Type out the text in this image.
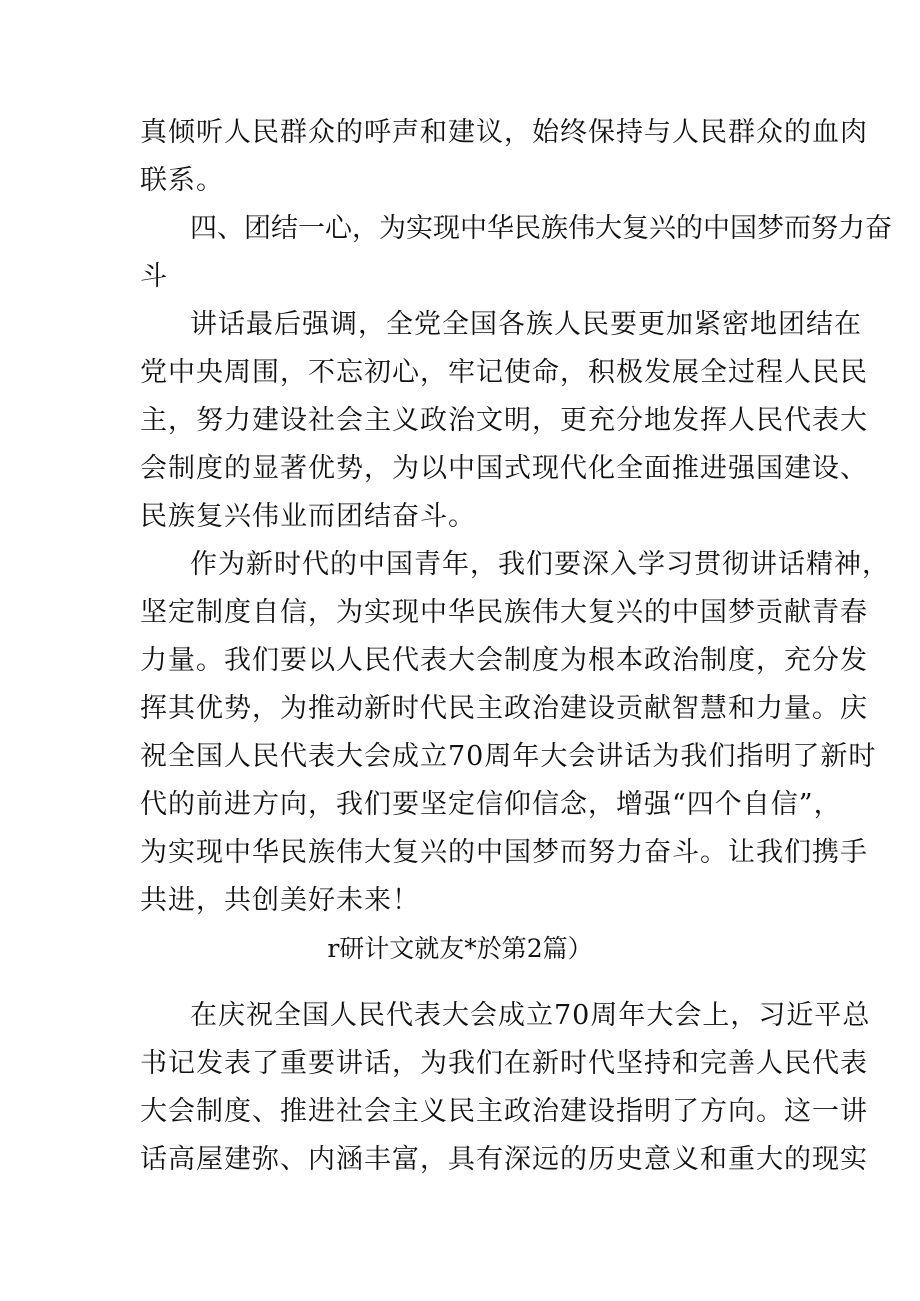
真倾听人民群众的呼声和建议，始终保持与人民群众的血肉
联系。
四、团结一心，为实现中华民族伟大复兴的中国梦而努力奋
斗
讲话最后强调，全党全国各族人民要更加紧密地团结在
党中央周围，不忘初心，牢记使命，积极发展全过程人民民
主，努力建设社会主义政治文明，更充分地发挥人民代表大
会制度的显著优势，为以中国式现代化全面推进强国建设、
民族复兴伟业而团结奋斗。
作为新时代的中国青年，我们要深入学习贯彻讲话精神，
坚定制度自信，为实现中华民族伟大复兴的中国梦贡献青春
力量。我们要以人民代表大会制度为根本政治制度，充分发
挥其优势，为推动新时代民主政治建设贡献智慧和力量。庆
祝全国人民代表大会成立70周年大会讲话为我们指明了新时
代的前进方向，我们要坚定信仰信念，增强“四个自信”，
为实现中华民族伟大复兴的中国梦而努力奋斗。让我们携手
共进，共创美好未来！
r研计文就友*於第2篇）
在庆祝全国人民代表大会成立70周年大会上，习近平总
书记发表了重要讲话，为我们在新时代坚持和完善人民代表
大会制度、推进社会主义民主政治建设指明了方向。这一讲
话高屋建弥、内涵丰富，具有深远的历史意义和重大的现实
